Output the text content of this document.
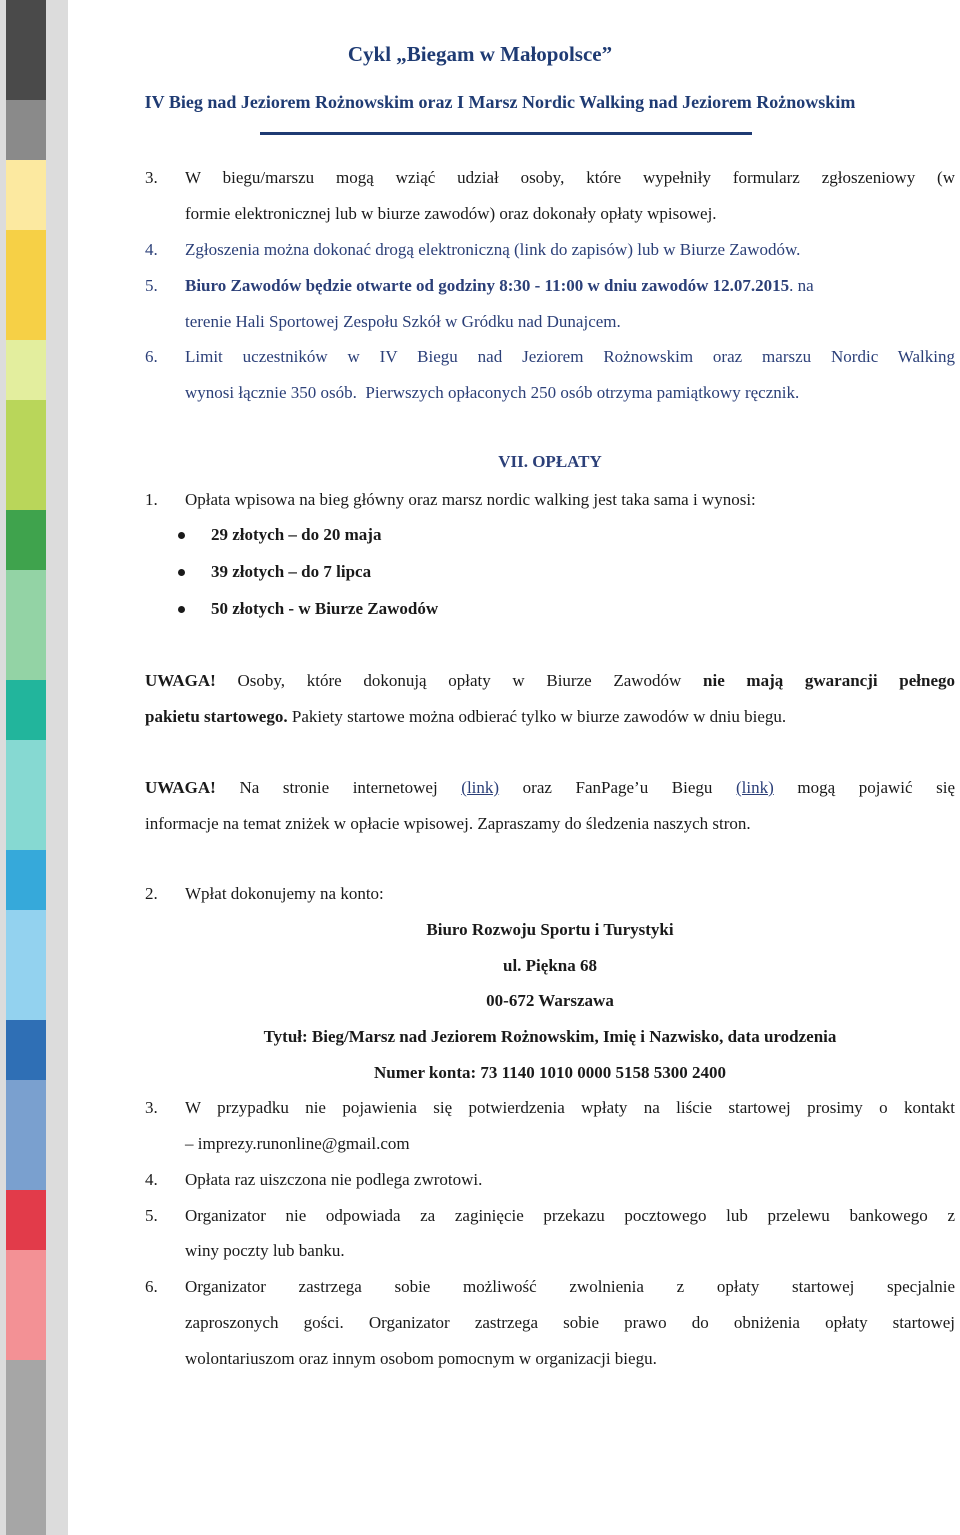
Cykl „Biegam w Małopolsce”
IV Bieg nad Jeziorem Rożnowskim oraz I Marsz Nordic Walking nad Jeziorem Rożnowskim
3. W biegu/marszu mogą wziąć udział osoby, które wypełniły formularz zgłoszeniowy (w
formie elektronicznej lub w biurze zawodów) oraz dokonały opłaty wpisowej.
4. Zgłoszenia można dokonać drogą elektroniczną (link do zapisów) lub w Biurze Zawodów.
5. Biuro Zawodów będzie otwarte od godziny 8:30 - 11:00 w dniu zawodów 12.07.2015. na
terenie Hali Sportowej Zespołu Szkół w Gródku nad Dunajcem.
6. Limit uczestników w IV Biegu nad Jeziorem Rożnowskim oraz marszu Nordic Walking
wynosi łącznie 350 osób. Pierwszych opłaconych 250 osób otrzyma pamiątkowy ręcznik.
VII. OPŁATY
1. Opłata wpisowa na bieg główny oraz marsz nordic walking jest taka sama i wynosi:
29 złotych – do 20 maja
39 złotych – do 7 lipca
50 złotych - w Biurze Zawodów
UWAGA! Osoby, które dokonują opłaty w Biurze Zawodów nie mają gwarancji pełnego
pakietu startowego. Pakiety startowe można odbierać tylko w biurze zawodów w dniu biegu.
UWAGA! Na stronie internetowej (link) oraz FanPage’u Biegu (link) mogą pojawić się
informacje na temat zniżek w opłacie wpisowej. Zapraszamy do śledzenia naszych stron.
2. Wpłat dokonujemy na konto:
Biuro Rozwoju Sportu i Turystyki
ul. Piękna 68
00-672 Warszawa
Tytuł: Bieg/Marsz nad Jeziorem Rożnowskim, Imię i Nazwisko, data urodzenia
Numer konta: 73 1140 1010 0000 5158 5300 2400
3. W przypadku nie pojawienia się potwierdzenia wpłaty na liście startowej prosimy o kontakt
– imprezy.runonline@gmail.com
4. Opłata raz uiszczona nie podlega zwrotowi.
5. Organizator nie odpowiada za zaginięcie przekazu pocztowego lub przelewu bankowego z
winy poczty lub banku.
6. Organizator zastrzega sobie możliwość zwolnienia z opłaty startowej specjalnie
zaproszonych gości. Organizator zastrzega sobie prawo do obniżenia opłaty startowej
wolontariuszom oraz innym osobom pomocnym w organizacji biegu.
